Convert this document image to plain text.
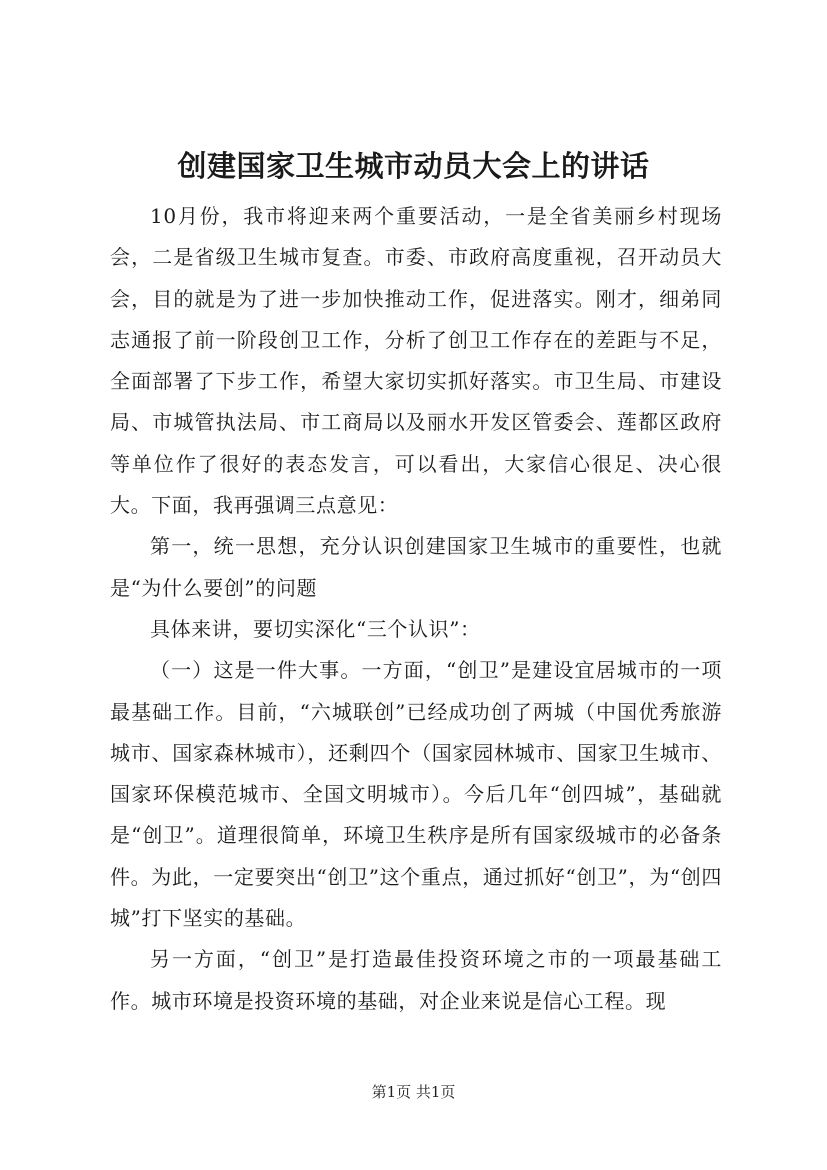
创建国家卫生城市动员大会上的讲话

10月份，我市将迎来两个重要活动，一是全省美丽乡村现场会，二是省级卫生城市复查。市委、市政府高度重视，召开动员大会，目的就是为了进一步加快推动工作，促进落实。刚才，细弟同志通报了前一阶段创卫工作，分析了创卫工作存在的差距与不足，全面部署了下步工作，希望大家切实抓好落实。市卫生局、市建设局、市城管执法局、市工商局以及丽水开发区管委会、莲都区政府等单位作了很好的表态发言，可以看出，大家信心很足、决心很大。下面，我再强调三点意见：

第一，统一思想，充分认识创建国家卫生城市的重要性，也就是“为什么要创”的问题

具体来讲，要切实深化“三个认识”：

（一）这是一件大事。一方面，“创卫”是建设宜居城市的一项最基础工作。目前，“六城联创”已经成功创了两城（中国优秀旅游城市、国家森林城市），还剩四个（国家园林城市、国家卫生城市、国家环保模范城市、全国文明城市）。今后几年“创四城”，基础就是“创卫”。道理很简单，环境卫生秩序是所有国家级城市的必备条件。为此，一定要突出“创卫”这个重点，通过抓好“创卫”，为“创四城”打下坚实的基础。

另一方面，“创卫”是打造最佳投资环境之市的一项最基础工作。城市环境是投资环境的基础，对企业来说是信心工程。现

第1页 共1页
